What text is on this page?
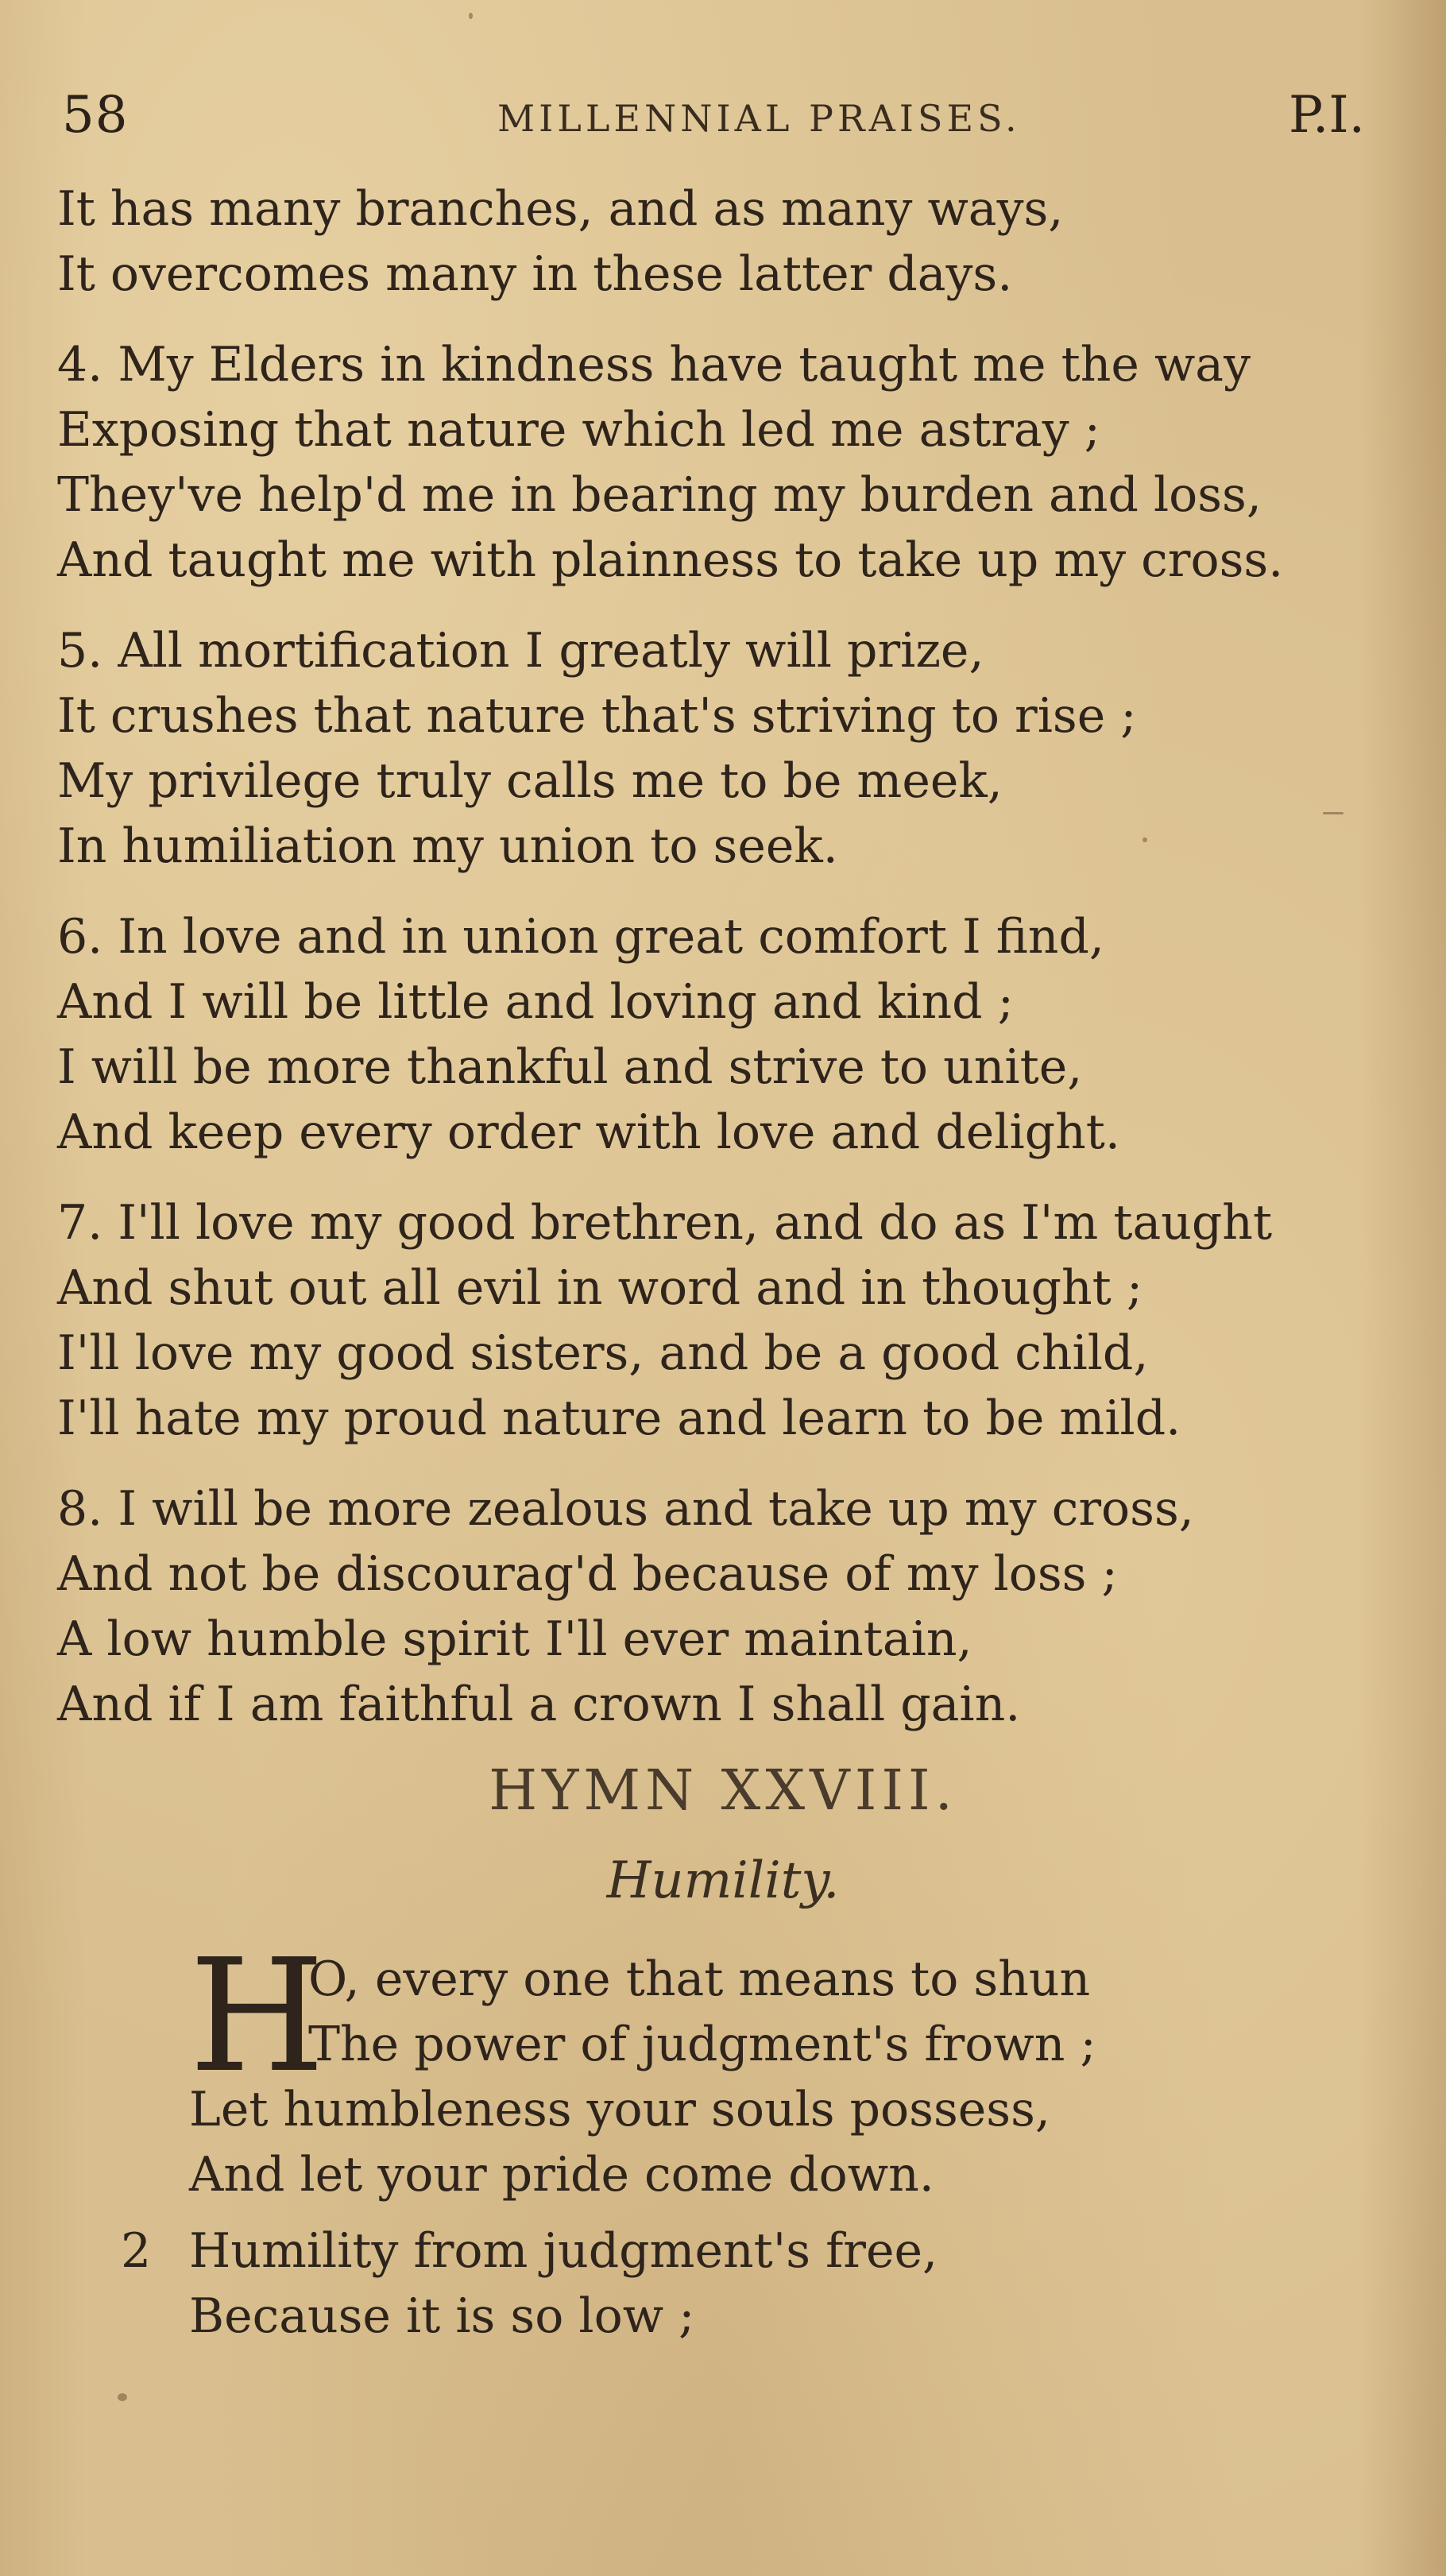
58	MILLENNIAL PRAISES.	P.I.
It has many branches, and as many ways,
It overcomes many in these latter days.
4. My Elders in kindness have taught me the way
Exposing that nature which led me astray ;
They've help'd me in bearing my burden and loss,
And taught me with plainness to take up my cross.
5. All mortification I greatly will prize,
It crushes that nature that's striving to rise ;
My privilege truly calls me to be meek,
In humiliation my union to seek.
6. In love and in union great comfort I find,
And I will be little and loving and kind ;
I will be more thankful and strive to unite,
And keep every order with love and delight.
7. I'll love my good brethren, and do as I'm taught
And shut out all evil in word and in thought ;
I'll love my good sisters, and be a good child,
I'll hate my proud nature and learn to be mild.
8. I will be more zealous and take up my cross,
And not be discourag'd because of my loss ;
A low humble spirit I'll ever maintain,
And if I am faithful a crown I shall gain.
HYMN XXVIII.
Humility.
H
O, every one that means to shun
The power of judgment's frown ;
Let humbleness your souls possess,
And let your pride come down.
2 Humility from judgment's free,
Because it is so low ;
